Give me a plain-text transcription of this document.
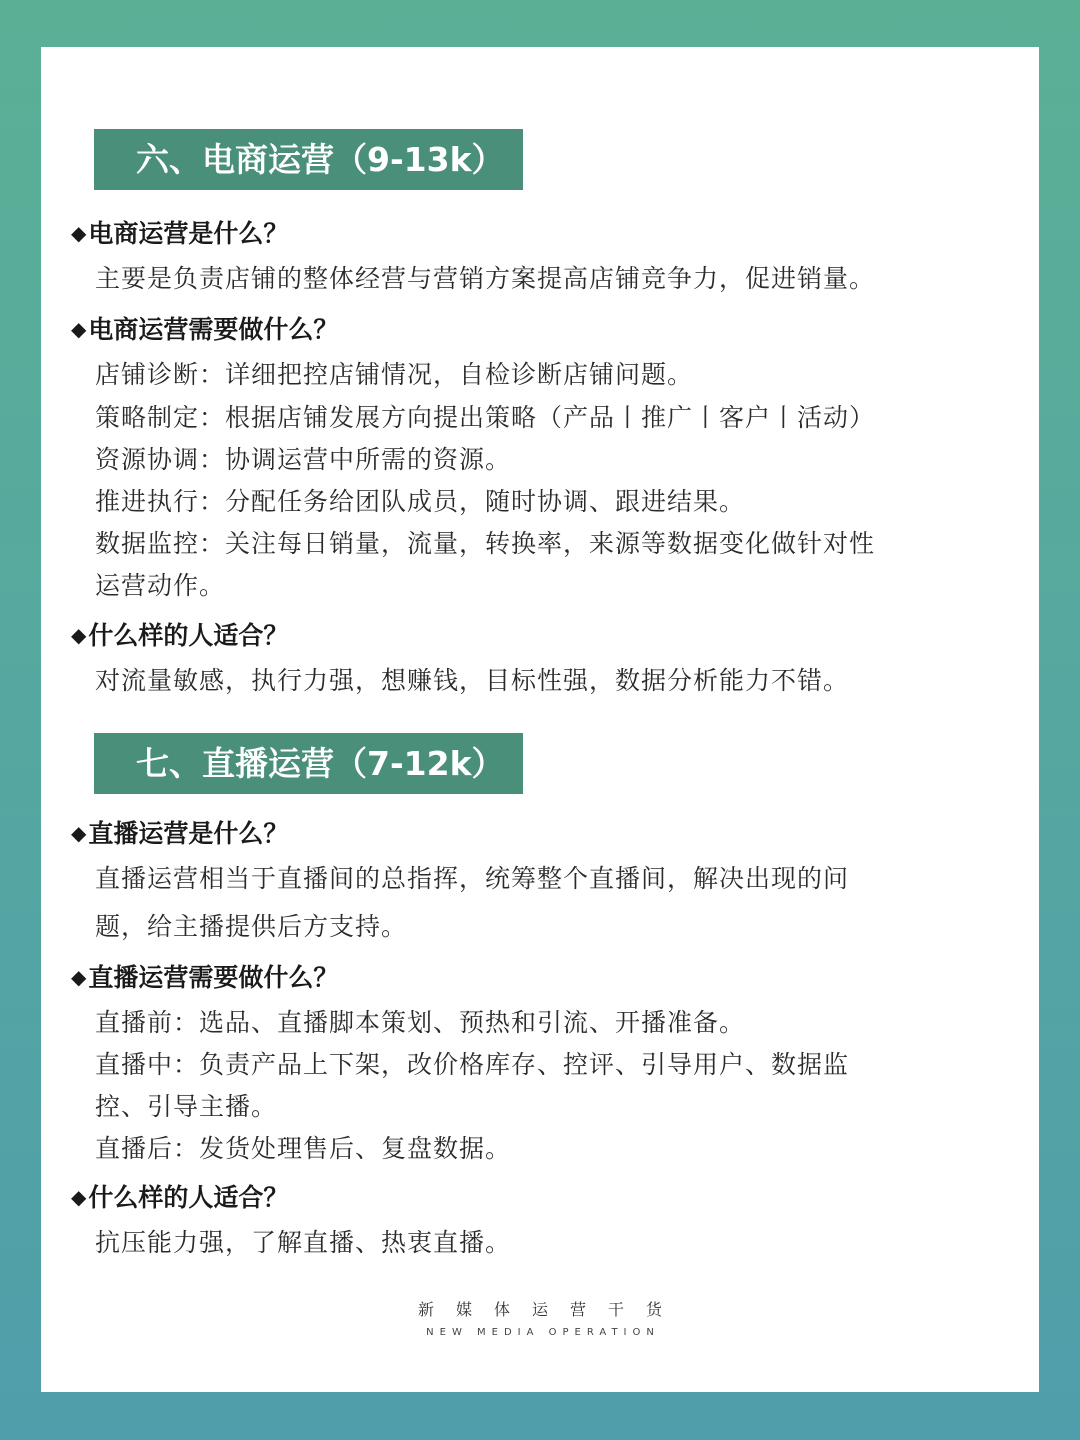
六、电商运营（9-13k）
◆电商运营是什么？
主要是负责店铺的整体经营与营销方案提高店铺竞争力，促进销量。
◆电商运营需要做什么？
店铺诊断：详细把控店铺情况，自检诊断店铺问题。
策略制定：根据店铺发展方向提出策略（产品丨推广丨客户丨活动）
资源协调：协调运营中所需的资源。
推进执行：分配任务给团队成员，随时协调、跟进结果。
数据监控：关注每日销量，流量，转换率，来源等数据变化做针对性
运营动作。
◆什么样的人适合？
对流量敏感，执行力强，想赚钱，目标性强，数据分析能力不错。
七、直播运营（7-12k）
◆直播运营是什么？
直播运营相当于直播间的总指挥，统筹整个直播间，解决出现的问
题，给主播提供后方支持。
◆直播运营需要做什么？
直播前：选品、直播脚本策划、预热和引流、开播准备。
直播中：负责产品上下架，改价格库存、控评、引导用户、数据监
控、引导主播。
直播后：发货处理售后、复盘数据。
◆什么样的人适合？
抗压能力强，了解直播、热衷直播。
新媒体运营干货
NEW MEDIA OPERATION
